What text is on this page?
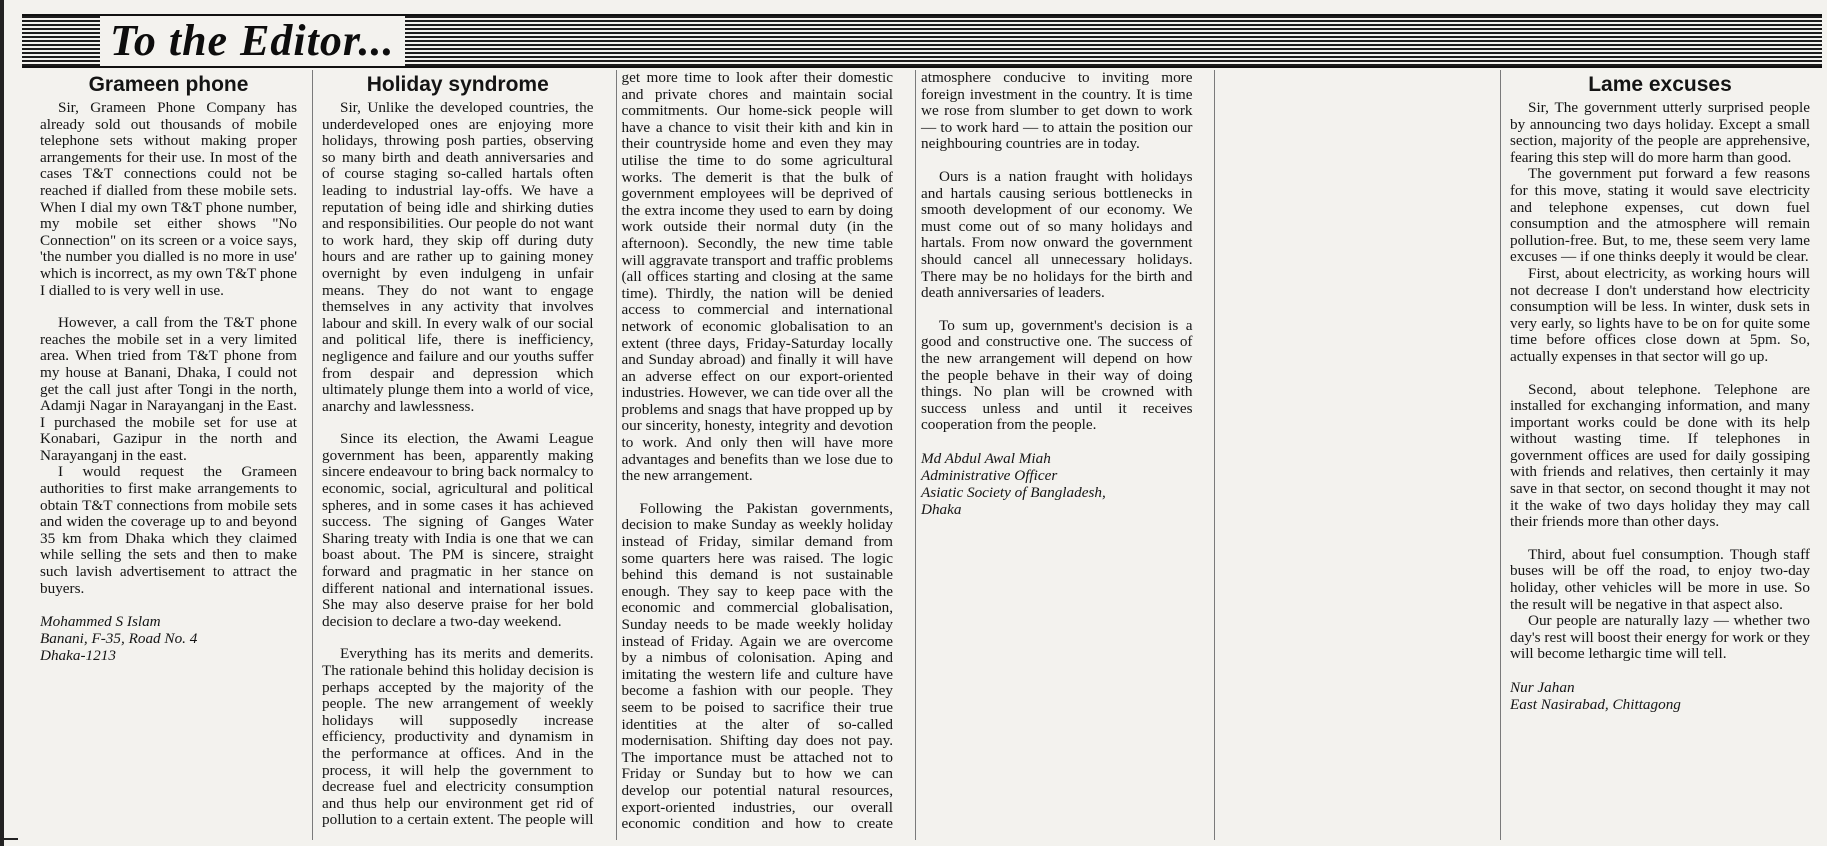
To the Editor...
Grameen phone

Sir, Grameen Phone Company has already sold out thousands of mobile telephone sets without making proper arrangements for their use. In most of the cases T&T connections could not be reached if dialled from these mobile sets. When I dial my own T&T phone number, my mobile set either shows "No Connection" on its screen or a voice says, 'the number you dialled is no more in use' which is incorrect, as my own T&T phone I dialled to is very well in use.

However, a call from the T&T phone reaches the mobile set in a very limited area. When tried from T&T phone from my house at Banani, Dhaka, I could not get the call just after Tongi in the north, Adamji Nagar in Narayanganj in the East. I purchased the mobile set for use at Konabari, Gazipur in the north and Narayanganj in the east.

I would request the Grameen authorities to first make arrangements to obtain T&T connections from mobile sets and widen the coverage up to and beyond 35 km from Dhaka which they claimed while selling the sets and then to make such lavish advertisement to attract the buyers.

Mohammed S Islam
Banani, F-35, Road No. 4
Dhaka-1213
Holiday syndrome

Sir, Unlike the developed countries, the underdeveloped ones are enjoying more holidays, throwing posh parties, observing so many birth and death anniversaries and of course staging so-called hartals often leading to industrial lay-offs. We have a reputation of being idle and shirking duties and responsibilities. Our people do not want to work hard, they skip off during duty hours and are rather up to gaining money overnight by even indulgeng in unfair means. They do not want to engage themselves in any activity that involves labour and skill. In every walk of our social and political life, there is inefficiency, negligence and failure and our youths suffer from despair and depression which ultimately plunge them into a world of vice, anarchy and lawlessness.

Since its election, the Awami League government has been, apparently making sincere endeavour to bring back normalcy to economic, social, agricultural and political spheres, and in some cases it has achieved success. The signing of Ganges Water Sharing treaty with India is one that we can boast about. The PM is sincere, straight forward and pragmatic in her stance on different national and international issues. She may also deserve praise for her bold decision to declare a two-day weekend.

Everything has its merits and demerits. The rationale behind this holiday decision is perhaps accepted by the majority of the people. The new arrangement of weekly holidays will supposedly increase efficiency, productivity and dynamism in the performance at offices. And in the process, it will help the government to decrease fuel and electricity consumption and thus help our environment get rid of pollution to a certain extent. The people will get more time to look after their domestic and private chores and maintain social commitments. Our home-sick people will have a chance to visit their kith and kin in their countryside home and even they may utilise the time to do some agricultural works. The demerit is that the bulk of government employees will be deprived of the extra income they used to earn by doing work outside their normal duty (in the afternoon). Secondly, the new time table will aggravate transport and traffic problems (all offices starting and closing at the same time). Thirdly, the nation will be denied access to commercial and international network of economic globalisation to an extent (three days, Friday-Saturday locally and Sunday abroad) and finally it will have an adverse effect on our export-oriented industries. However, we can tide over all the problems and snags that have propped up by our sincerity, honesty, integrity and devotion to work. And only then will have more advantages and benefits than we lose due to the new arrangement.

Following the Pakistan governments, decision to make Sunday as weekly holiday instead of Friday, similar demand from some quarters here was raised. The logic behind this demand is not sustainable enough. They say to keep pace with the economic and commercial globalisation, Sunday needs to be made weekly holiday instead of Friday. Again we are overcome by a nimbus of colonisation. Aping and imitating the western life and culture have become a fashion with our people. They seem to be poised to sacrifice their true identities at the alter of so-called modernisation. Shifting day does not pay. The importance must be attached not to Friday or Sunday but to how we can develop our potential natural resources, export-oriented industries, our overall economic condition and how to create atmosphere conducive to inviting more foreign investment in the country. It is time we rose from slumber to get down to work — to work hard — to attain the position our neighbouring countries are in today.

Ours is a nation fraught with holidays and hartals causing serious bottlenecks in smooth development of our economy. We must come out of so many holidays and hartals. From now onward the government should cancel all unnecessary holidays. There may be no holidays for the birth and death anniversaries of leaders.

To sum up, government's decision is a good and constructive one. The success of the new arrangement will depend on how the people behave in their way of doing things. No plan will be crowned with success unless and until it receives cooperation from the people.

Md Abdul Awal Miah
Administrative Officer
Asiatic Society of Bangladesh,
Dhaka
Lame excuses

Sir, The government utterly surprised people by announcing two days holiday. Except a small section, majority of the people are apprehensive, fearing this step will do more harm than good.

The government put forward a few reasons for this move, stating it would save electricity and telephone expenses, cut down fuel consumption and the atmosphere will remain pollution-free. But, to me, these seem very lame excuses — if one thinks deeply it would be clear.

First, about electricity, as working hours will not decrease I don't understand how electricity consumption will be less. In winter, dusk sets in very early, so lights have to be on for quite some time before offices close down at 5pm. So, actually expenses in that sector will go up.

Second, about telephone. Telephone are installed for exchanging information, and many important works could be done with its help without wasting time. If telephones in government offices are used for daily gossiping with friends and relatives, then certainly it may save in that sector, on second thought it may not it the wake of two days holiday they may call their friends more than other days.

Third, about fuel consumption. Though staff buses will be off the road, to enjoy two-day holiday, other vehicles will be more in use. So the result will be negative in that aspect also.

Our people are naturally lazy — whether two day's rest will boost their energy for work or they will become lethargic time will tell.

Nur Jahan
East Nasirabad, Chittagong
